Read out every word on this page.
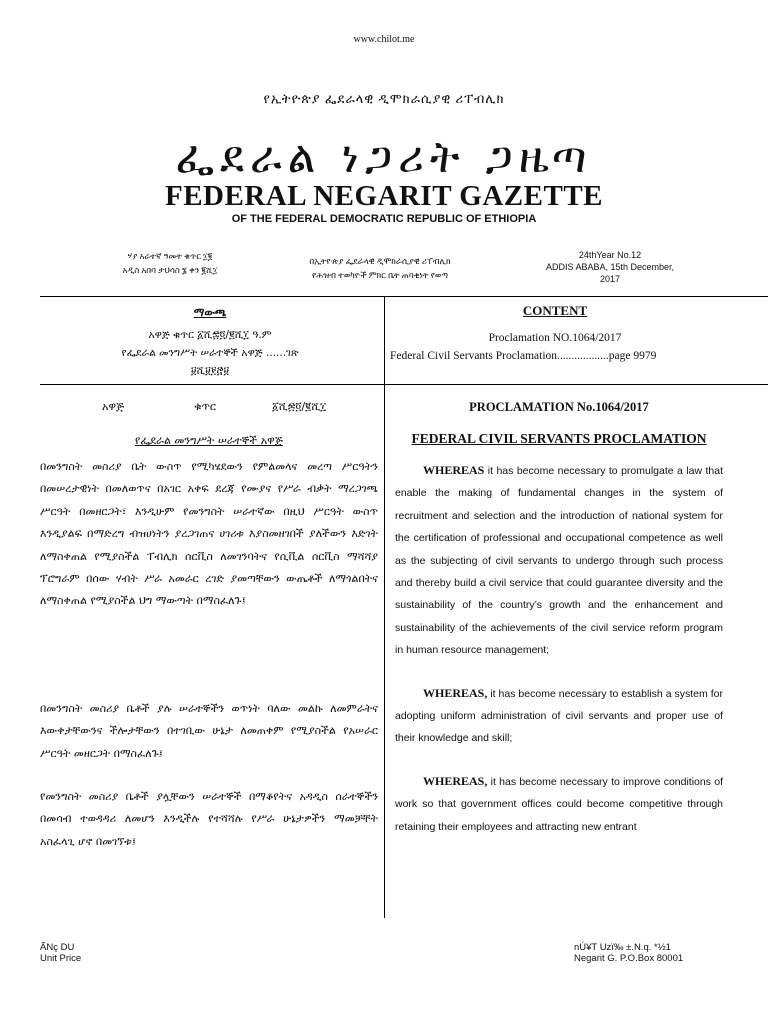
www.chilot.me
የኢትዮጵያ ፌደራላዊ ዲሞክራሲያዊ ሪፐብሊክ
ፌደራል ነጋሪት ጋዜጣ
FEDERAL NEGARIT GAZETTE
OF THE FEDERAL DEMOCRATIC REPUBLIC OF ETHIOPIA
ሃያ አራተኛ ዓመት ቁጥር ፲፪
አዲስ አበባ ታህሳስ ፮ ቀን ፪ሺ፲
በኢትዮጵያ ፌደራላዊ ዲሞክራሲያዊ ሪፐብሊክ
የሕዝብ ተወካዮች ምክር ቤት ጠባቂነት የወጣ
24thYear No.12
ADDIS ABABA, 15th December,
2017
ማውጫ
አዋጅ ቁጥር ፩ሺ፷፬/፪ሺ፲ ዓ.ም
የፌደራል መንግሥት ሠራተኞች አዋጅ ......ገጽ
፱ሺ፱፻፸፱
CONTENT
Proclamation NO.1064/2017
Federal Civil Servants Proclamation..................page 9979
አዋጅ	ቁጥር	፩ሺ፷፬/፪ሺ፲
የፌደራል መንግሥት ሠራተኞች አዋጅ
በመንግስት መስሪያ ቤት ውስጥ የሚካሄደውን የምልመላና መረጣ ሥርዓትን በመሠረታዊነት በመለወጥና በአገር አቀፍ ደረጃ የሙያና የሥራ ብቃት ማረጋገጫ ሥርዓት በመዘርጋት፣ እንዲሁም የመንግስት ሠራተኛው በዚህ ሥርዓት ውስጥ እንዲያልፍ በማድረግ ብዝሀነትን ያረጋገጠና ሀገሪቱ እያስመዘገበች ያለችውን እድገት ለማስቀጠል የሚያስችል ፐብሊክ ሰርቪስ ለመገንባትና የሲቪል ሰርቪስ ማሻሻያ ፕሮግራም በሰው ሃብት ሥራ አመራር ረገድ ያመጣቸውን ውጤቶች ለማጎልበትና ለማስቀጠል የሚያስችል ህግ ማውጣት በማስፈለጉ፤
በመንግስት መስሪያ ቤቶች ያሉ ሠራተኞችን ወጥነት ባለው መልኩ ለመምራትና እውቀታቸውንና ችሎታቸውን በተገቢው ሁኔታ ለመጠቀም የሚያስችል የአሠራር ሥርዓት መዘርጋት በማስፈለጉ፤
የመንግስት መስሪያ ቤቶች ያሏቸውን ሠራተኞች በማቆየትና አዳዲስ ሰራተኞችን በመሳብ ተወዳዳሪ ለመሆን እንዲችሉ የተሻሻሉ የሥራ ሁኔታዎችን ማመቻቸት አስፈላጊ ሆኖ በመገኘቱ፤
PROCLAMATION No.1064/2017
FEDERAL CIVIL SERVANTS PROCLAMATION
WHEREAS it has become necessary to promulgate a law that enable the making of fundamental changes in the system of recruitment and selection and the introduction of national system for the certification of professional and occupational competence as well as the subjecting of civil servants to undergo through such process and thereby build a civil service that could guarantee diversity and the sustainability of the country’s growth and the enhancement and sustainability of the achievements of the civil service reform program in human resource management;
WHEREAS, it has become necessary to establish a system for adopting uniform administration of civil servants and proper use of their knowledge and skill;
WHEREAS, it has become necessary to improve conditions of work so that government offices could become competitive through retaining their employees and attracting new entrant
ÃNç DU
Unit Price
nÚ¥T Uzï‰ ±.N.q. *½1
Negarit G. P.O.Box 80001
